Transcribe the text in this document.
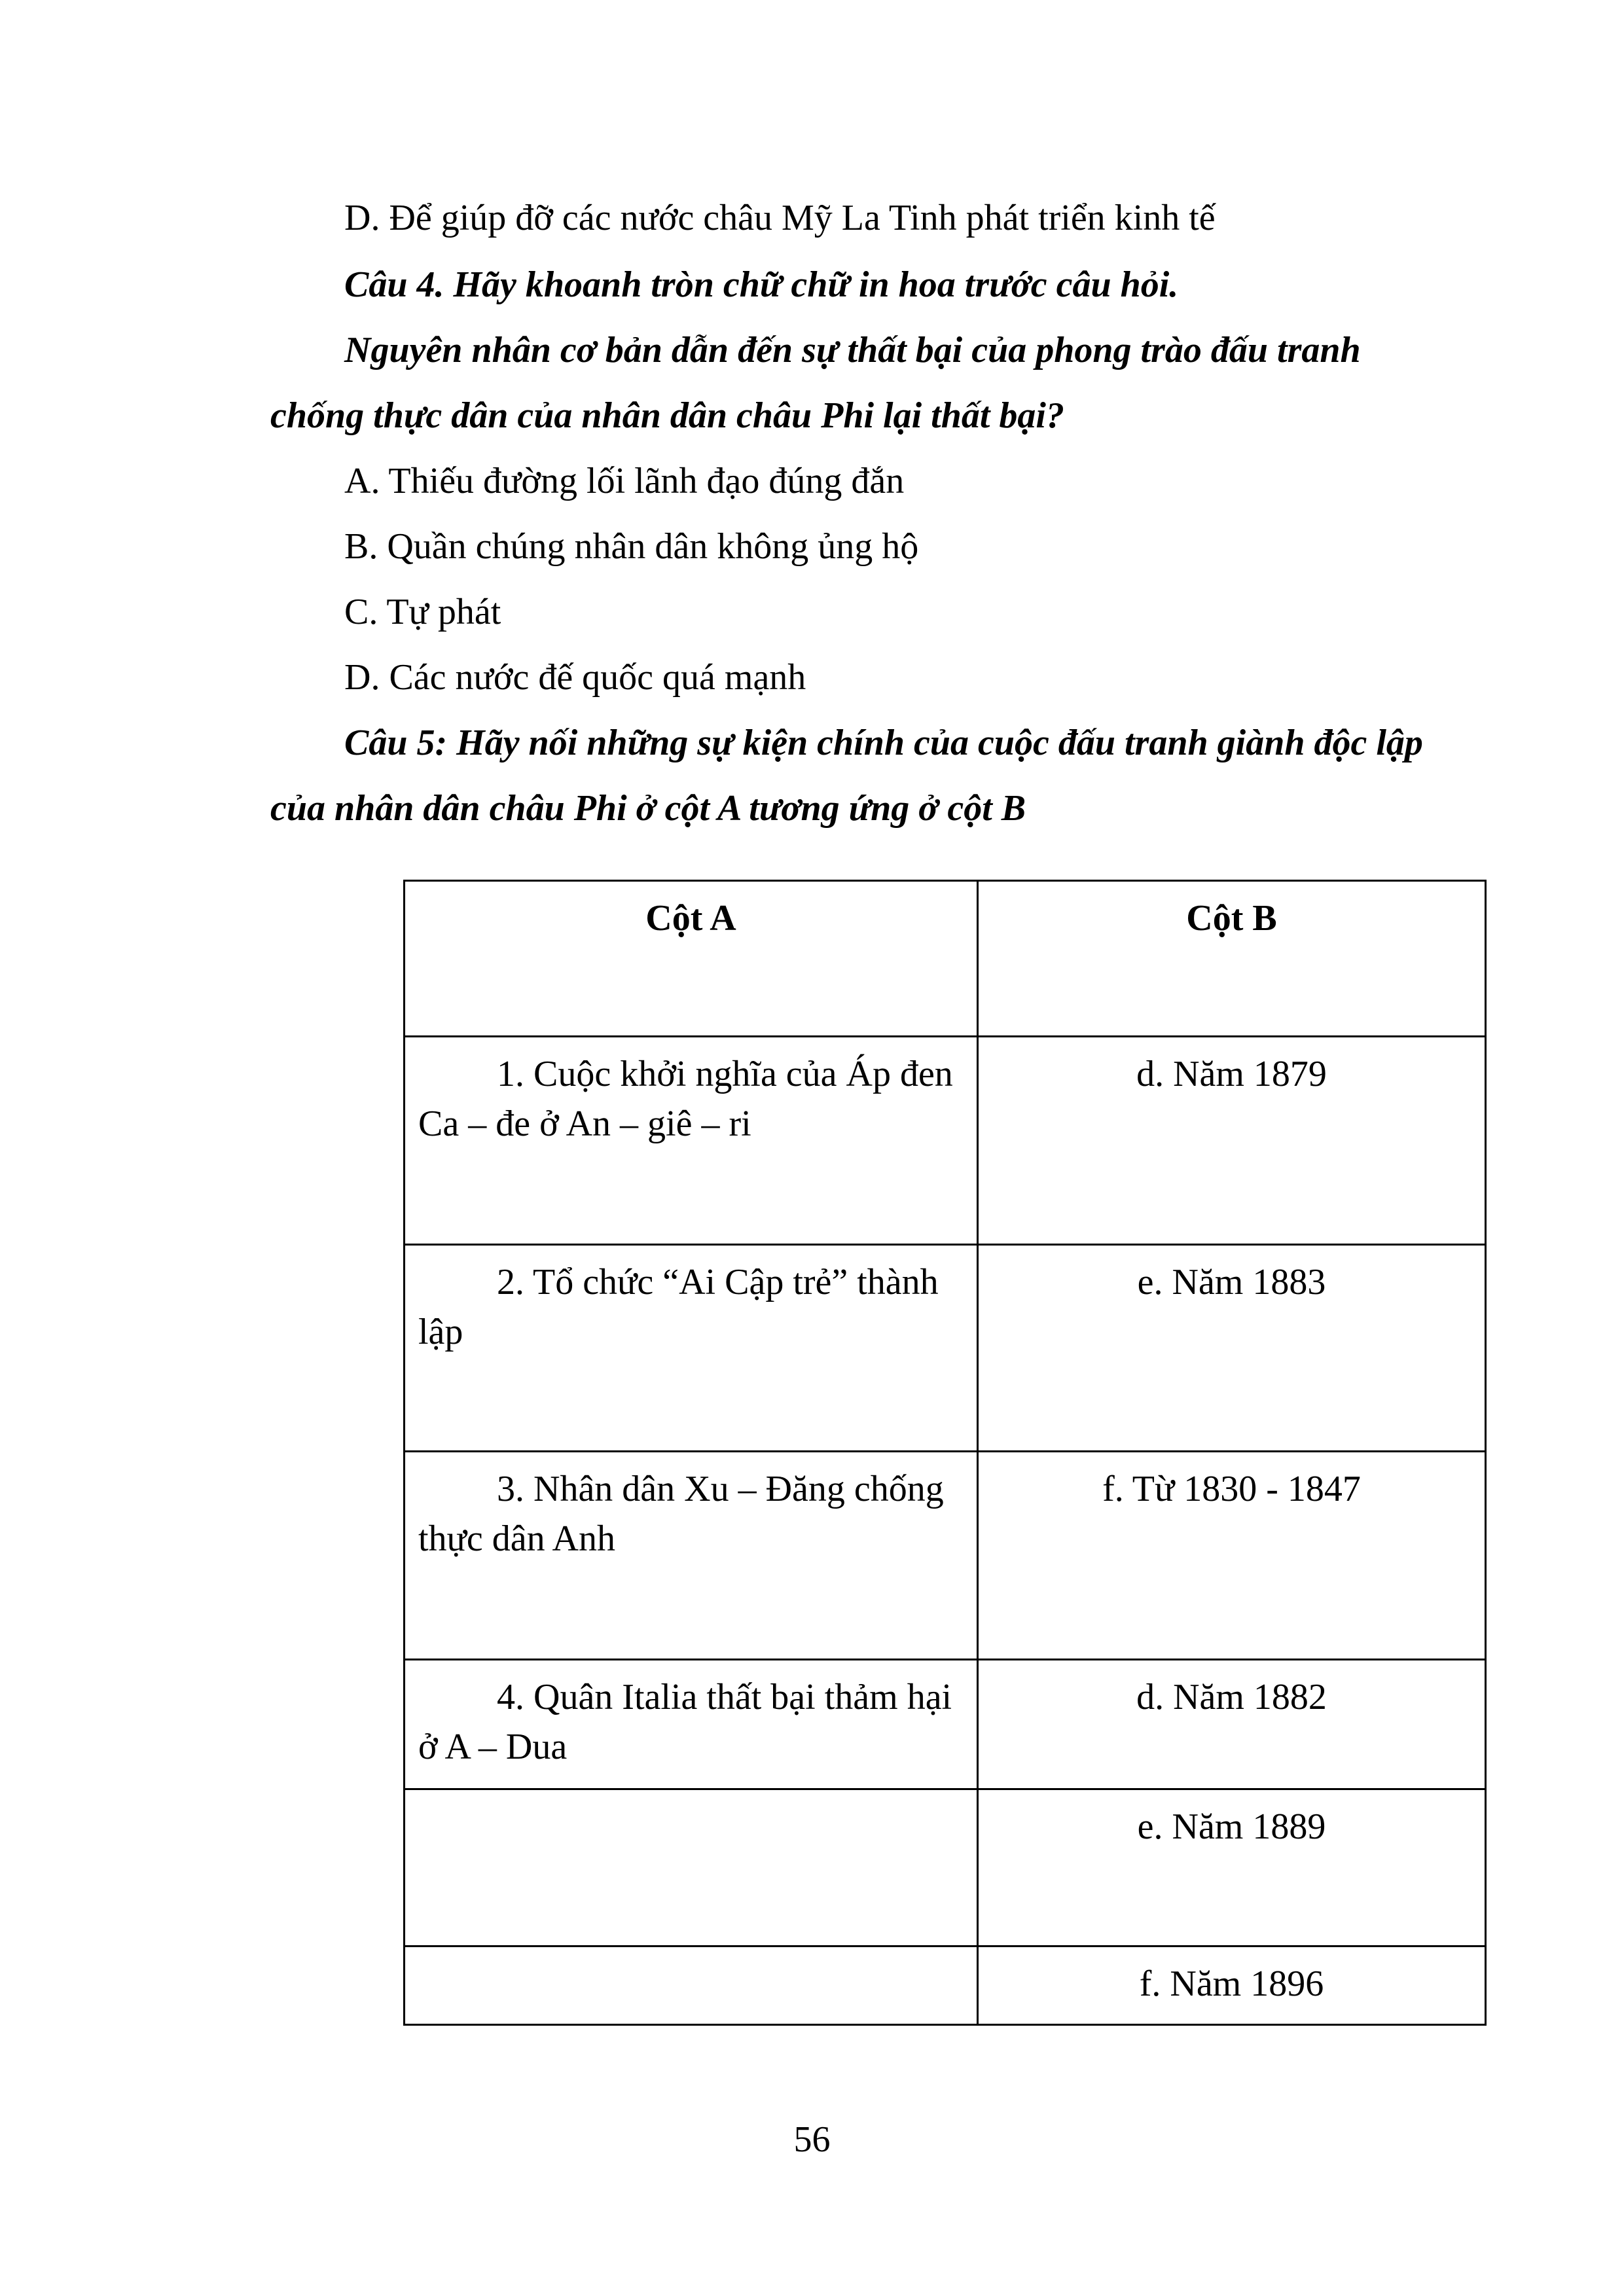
D. Để giúp đỡ các nước châu Mỹ La Tinh phát triển kinh tế
Câu 4. Hãy khoanh tròn chữ chữ in hoa trước câu hỏi.
Nguyên nhân cơ bản dẫn đến sự thất bại của phong trào đấu tranh
chống thực dân của nhân dân châu Phi lại thất bại?
A. Thiếu đường lối lãnh đạo đúng đắn
B. Quần chúng nhân dân không ủng hộ
C. Tự phát
D. Các nước đế quốc quá mạnh
Câu 5: Hãy nối những sự kiện chính của cuộc đấu tranh giành độc lập
của nhân dân châu Phi ở cột A tương ứng ở cột B
Cột A	Cột B
1. Cuộc khởi nghĩa của Áp đen Ca – đe ở An – giê – ri	d. Năm 1879
2. Tổ chức “Ai Cập trẻ” thành lập	e. Năm 1883
3. Nhân dân Xu – Đăng chống thực dân Anh	f. Từ 1830 - 1847
4. Quân Italia thất bại thảm hại ở A – Dua	d. Năm 1882
	e. Năm 1889
	f. Năm 1896
56
